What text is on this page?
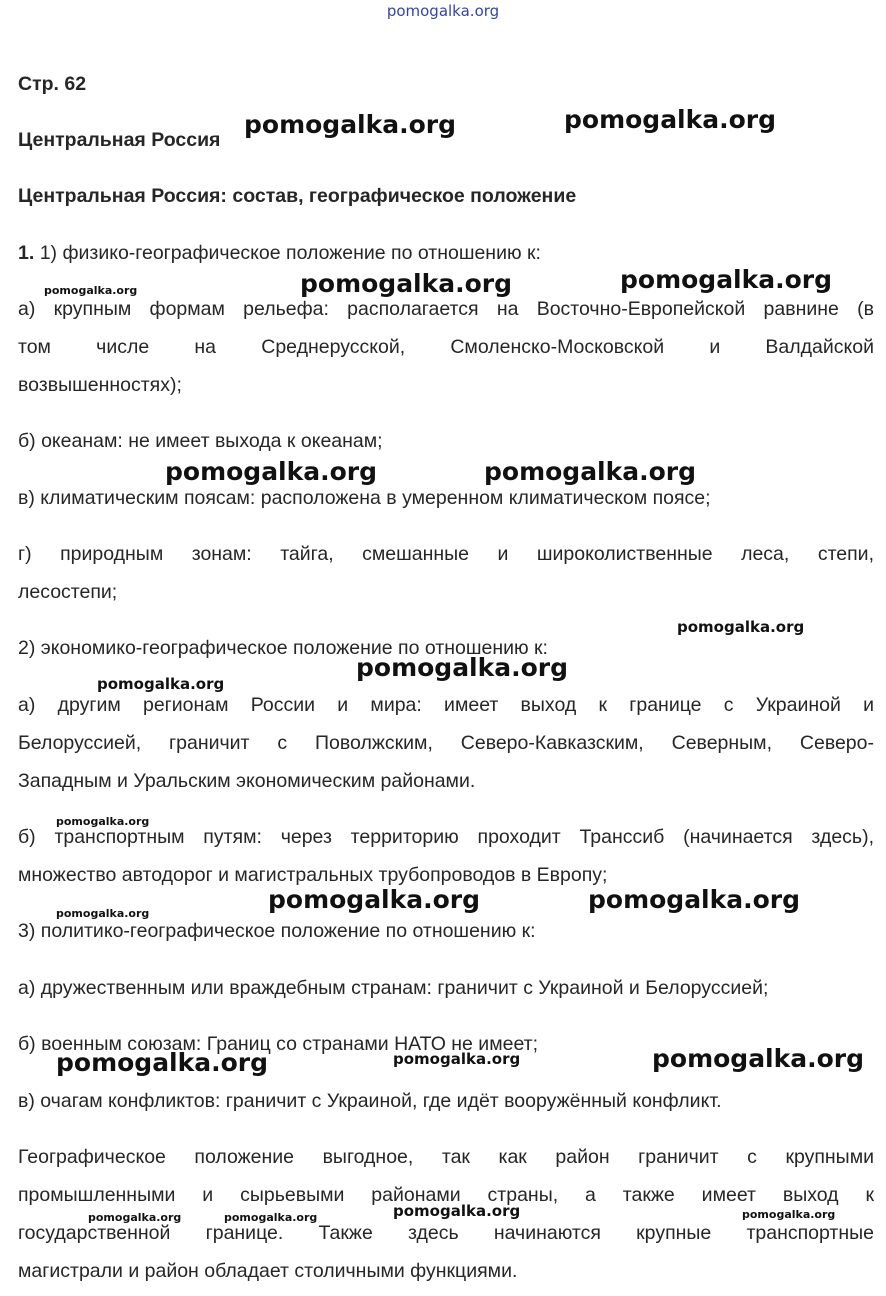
pomogalka.org
Стр. 62
Центральная Россия
Центральная Россия: состав, географическое положение
1. 1) физико-географическое положение по отношению к:
а) крупным формам рельефа: располагается на Восточно-Европейской равнине (в
том числе на Среднерусской, Смоленско-Московской и Валдайской
возвышенностях);
б) океанам: не имеет выхода к океанам;
в) климатическим поясам: расположена в умеренном климатическом поясе;
г) природным зонам: тайга, смешанные и широколиственные леса, степи,
лесостепи;
2) экономико-географическое положение по отношению к:
а) другим регионам России и мира: имеет выход к границе с Украиной и
Белоруссией, граничит с Поволжским, Северо-Кавказским, Северным, Северо-
Западным и Уральским экономическим районами.
б) транспортным путям: через территорию проходит Транссиб (начинается здесь),
множество автодорог и магистральных трубопроводов в Европу;
3) политико-географическое положение по отношению к:
а) дружественным или враждебным странам: граничит с Украиной и Белоруссией;
б) военным союзам: Границ со странами НАТО не имеет;
в) очагам конфликтов: граничит с Украиной, где идёт вооружённый конфликт.
Географическое положение выгодное, так как район граничит с крупными
промышленными и сырьевыми районами страны, а также имеет выход к
государственной границе. Также здесь начинаются крупные транспортные
магистрали и район обладает столичными функциями.
pomogalka.org	pomogalka.org
pomogalka.org	pomogalka.org	pomogalka.org
pomogalka.org	pomogalka.org
pomogalka.org
pomogalka.org
pomogalka.org
pomogalka.org
pomogalka.org	pomogalka.org
pomogalka.org
pomogalka.org	pomogalka.org	pomogalka.org
pomogalka.org
pomogalka.org	pomogalka.org	pomogalka.org
